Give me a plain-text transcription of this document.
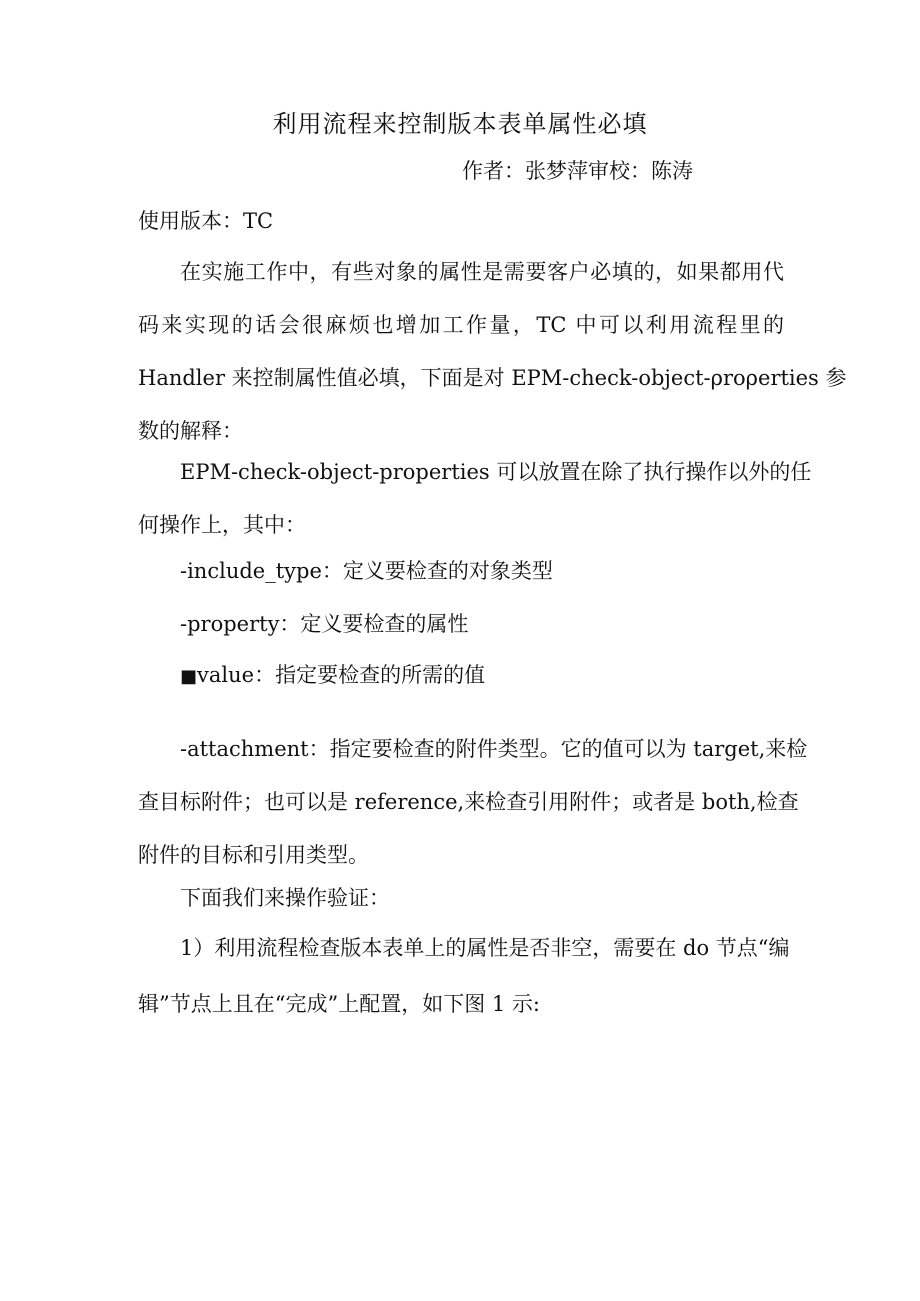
利用流程来控制版本表单属性必填
作者：张梦萍审校：陈涛
使用版本：TC
在实施工作中，有些对象的属性是需要客户必填的，如果都用代
码来实现的话会很麻烦也增加工作量，TC 中可以利用流程里的
Handler 来控制属性值必填，下面是对 EPM-check-object-ρroρerties 参
数的解释：
EPM-check-object-properties 可以放置在除了执行操作以外的任
何操作上，其中：
-include_type：定义要检查的对象类型
-property：定义要检查的属性
■value：指定要检查的所需的值
-attachment：指定要检查的附件类型。它的值可以为 target,来检
查目标附件；也可以是 reference,来检查引用附件；或者是 both,检查
附件的目标和引用类型。
下面我们来操作验证：
1）利用流程检查版本表单上的属性是否非空，需要在 do 节点“编
辑”节点上且在“完成”上配置，如下图 1 示:
